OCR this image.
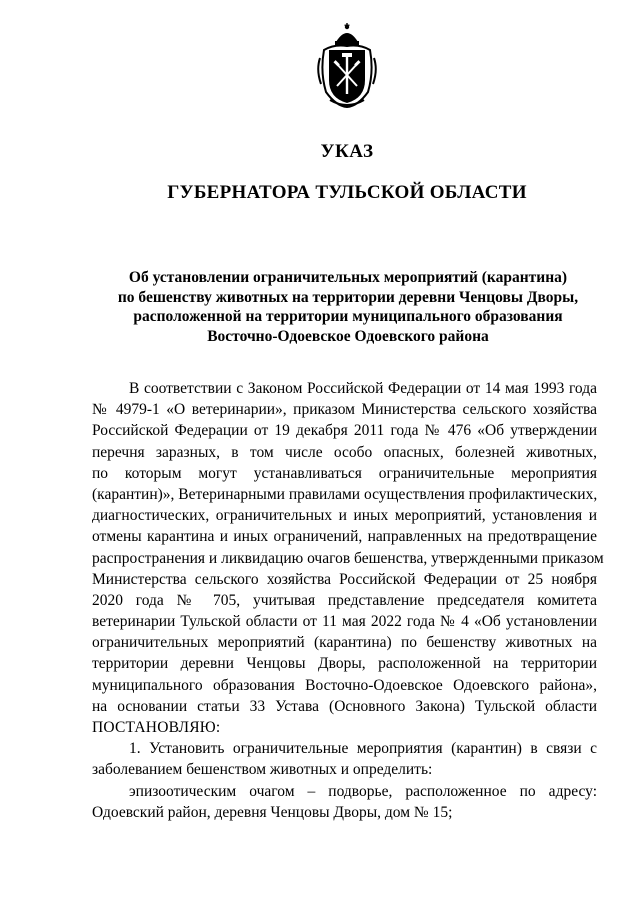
УКАЗ
ГУБЕРНАТОРА ТУЛЬСКОЙ ОБЛАСТИ
Об установлении ограничительных мероприятий (карантина)
по бешенству животных на территории деревни Ченцовы Дворы,
расположенной на территории муниципального образования
Восточно-Одоевское Одоевского района
В соответствии с Законом Российской Федерации от 14 мая 1993 года
№ 4979-1 «О ветеринарии», приказом Министерства сельского хозяйства
Российской Федерации от 19 декабря 2011 года № 476 «Об утверждении
перечня заразных, в том числе особо опасных, болезней животных,
по которым могут устанавливаться ограничительные мероприятия
(карантин)», Ветеринарными правилами осуществления профилактических,
диагностических, ограничительных и иных мероприятий, установления и
отмены карантина и иных ограничений, направленных на предотвращение
распространения и ликвидацию очагов бешенства, утвержденными приказом
Министерства сельского хозяйства Российской Федерации от 25 ноября
2020 года № 705, учитывая представление председателя комитета
ветеринарии Тульской области от 11 мая 2022 года № 4 «Об установлении
ограничительных мероприятий (карантина) по бешенству животных на
территории деревни Ченцовы Дворы, расположенной на территории
муниципального образования Восточно-Одоевское Одоевского района»,
на основании статьи 33 Устава (Основного Закона) Тульской области
ПОСТАНОВЛЯЮ:
1. Установить ограничительные мероприятия (карантин) в связи с
заболеванием бешенством животных и определить:
эпизоотическим очагом – подворье, расположенное по адресу:
Одоевский район, деревня Ченцовы Дворы, дом № 15;
